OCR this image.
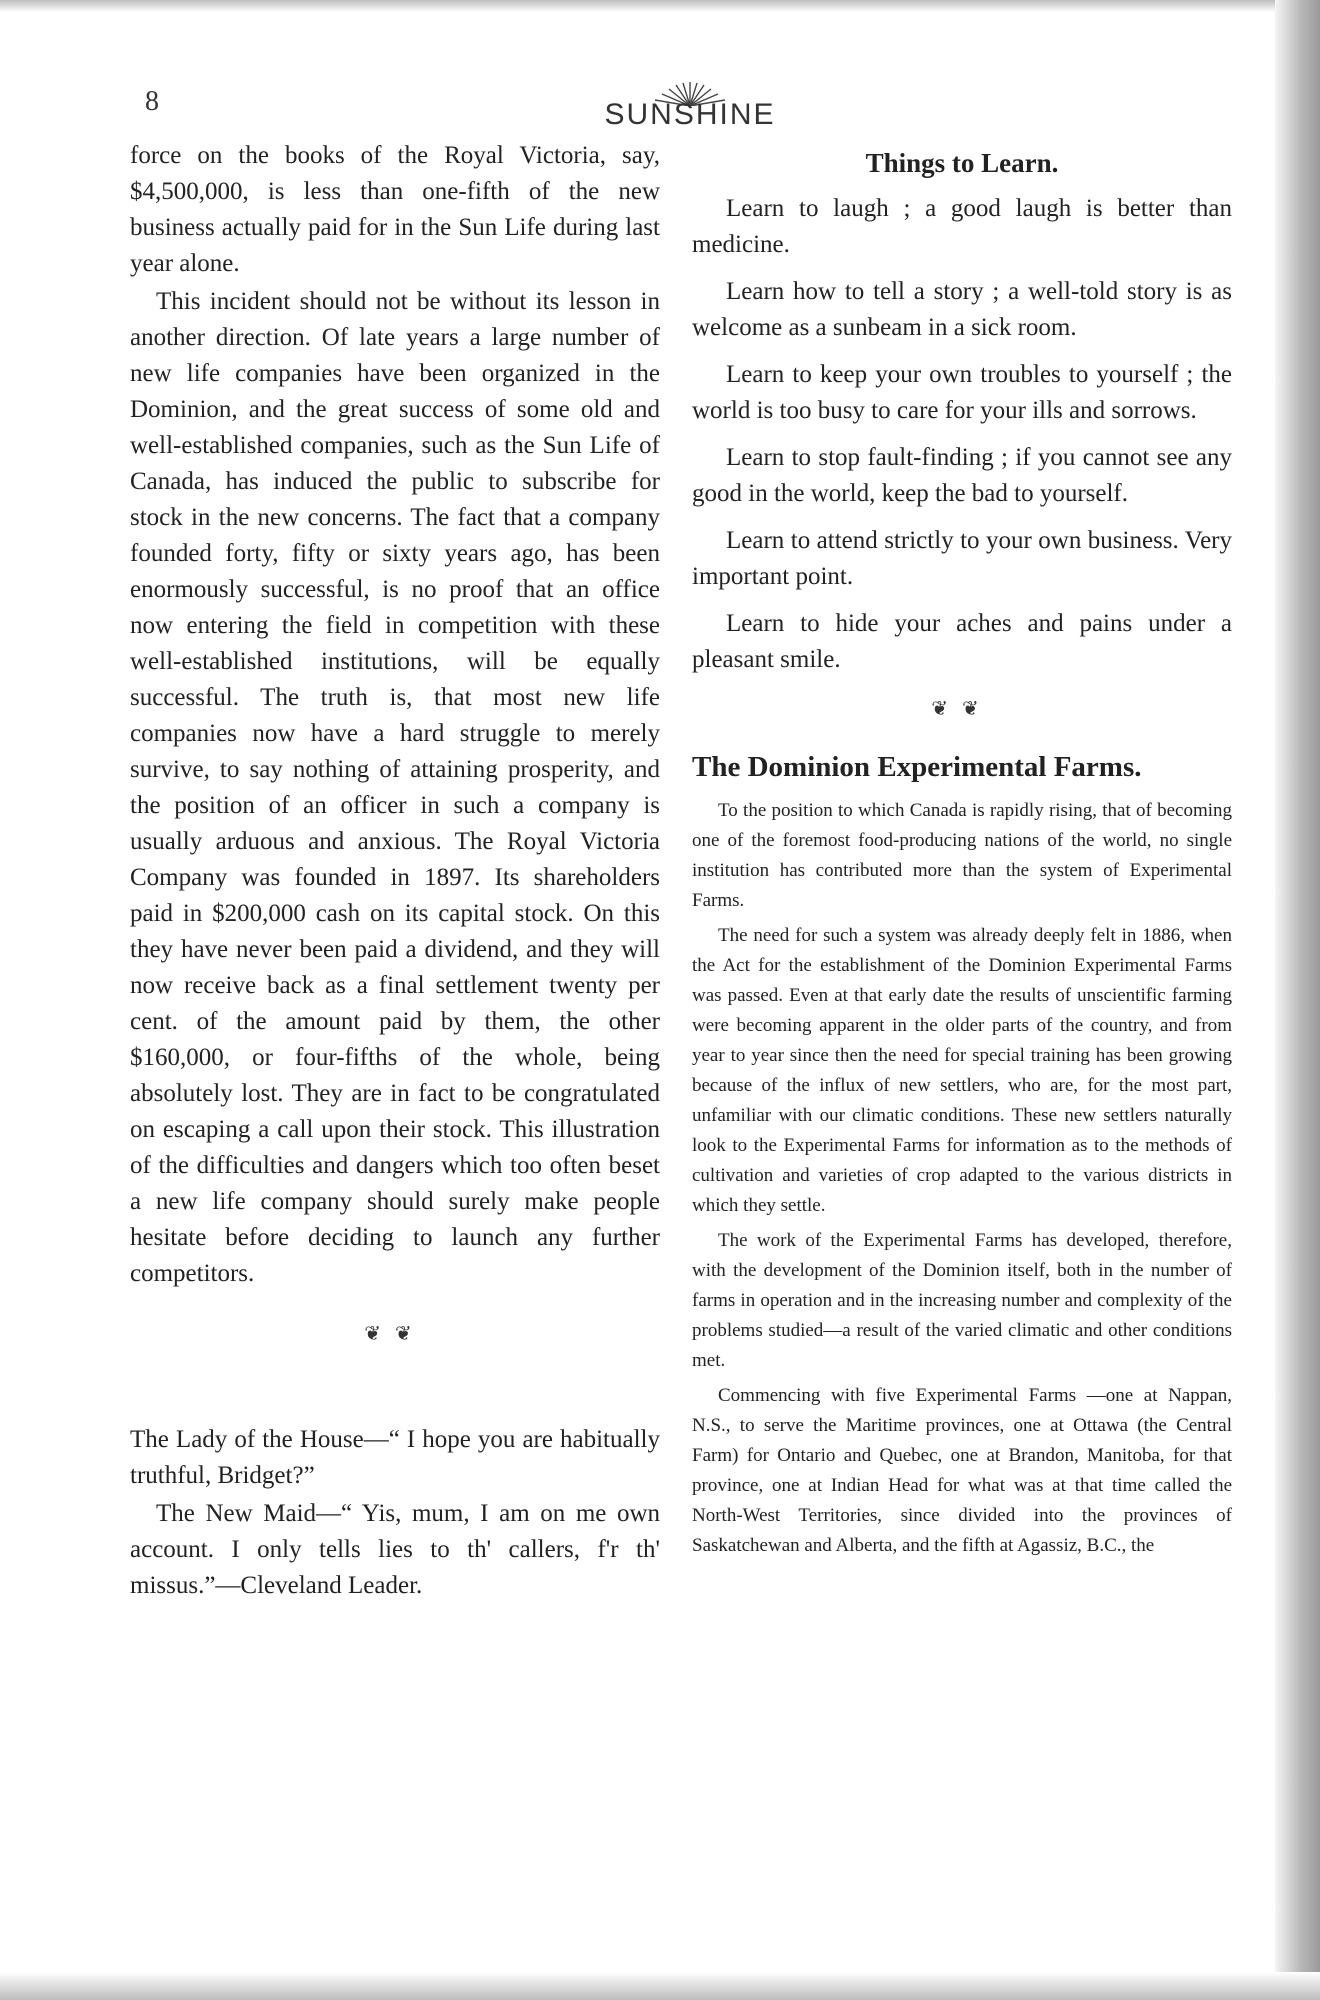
8	SUNSHINE

force on the books of the Royal Victoria, say, $4,500,000, is less than one-fifth of the new business actually paid for in the Sun Life during last year alone.

This incident should not be without its lesson in another direction. Of late years a large number of new life companies have been organized in the Dominion, and the great success of some old and well-established companies, such as the Sun Life of Canada, has induced the public to subscribe for stock in the new concerns. The fact that a company founded forty, fifty or sixty years ago, has been enormously successful, is no proof that an office now entering the field in competition with these well-established institutions, will be equally successful. The truth is, that most new life companies now have a hard struggle to merely survive, to say nothing of attaining prosperity, and the position of an officer in such a company is usually arduous and anxious. The Royal Victoria Company was founded in 1897. Its shareholders paid in $200,000 cash on its capital stock. On this they have never been paid a dividend, and they will now receive back as a final settlement twenty per cent. of the amount paid by them, the other $160,000, or four-fifths of the whole, being absolutely lost. They are in fact to be congratulated on escaping a call upon their stock. This illustration of the difficulties and dangers which too often beset a new life company should surely make people hesitate before deciding to launch any further competitors.

❦❦

The Lady of the House—“ I hope you are habitually truthful, Bridget?”

The New Maid—“ Yis, mum, I am on me own account. I only tells lies to th' callers, f'r th' missus.”—Cleveland Leader.

Things to Learn.

Learn to laugh ; a good laugh is better than medicine.

Learn how to tell a story ; a well-told story is as welcome as a sunbeam in a sick room.

Learn to keep your own troubles to yourself ; the world is too busy to care for your ills and sorrows.

Learn to stop fault-finding ; if you cannot see any good in the world, keep the bad to yourself.

Learn to attend strictly to your own business. Very important point.

Learn to hide your aches and pains under a pleasant smile.

❦❦
The Dominion Experimental Farms.

To the position to which Canada is rapidly rising, that of becoming one of the foremost food-producing nations of the world, no single institution has contributed more than the system of Experimental Farms.

The need for such a system was already deeply felt in 1886, when the Act for the establishment of the Dominion Experimental Farms was passed. Even at that early date the results of unscientific farming were becoming apparent in the older parts of the country, and from year to year since then the need for special training has been growing because of the influx of new settlers, who are, for the most part, unfamiliar with our climatic conditions. These new settlers naturally look to the Experimental Farms for information as to the methods of cultivation and varieties of crop adapted to the various districts in which they settle.

The work of the Experimental Farms has developed, therefore, with the development of the Dominion itself, both in the number of farms in operation and in the increasing number and complexity of the problems studied—a result of the varied climatic and other conditions met.

Commencing with five Experimental Farms —one at Nappan, N.S., to serve the Maritime provinces, one at Ottawa (the Central Farm) for Ontario and Quebec, one at Brandon, Manitoba, for that province, one at Indian Head for what was at that time called the North-West Territories, since divided into the provinces of Saskatchewan and Alberta, and the fifth at Agassiz, B.C., the
